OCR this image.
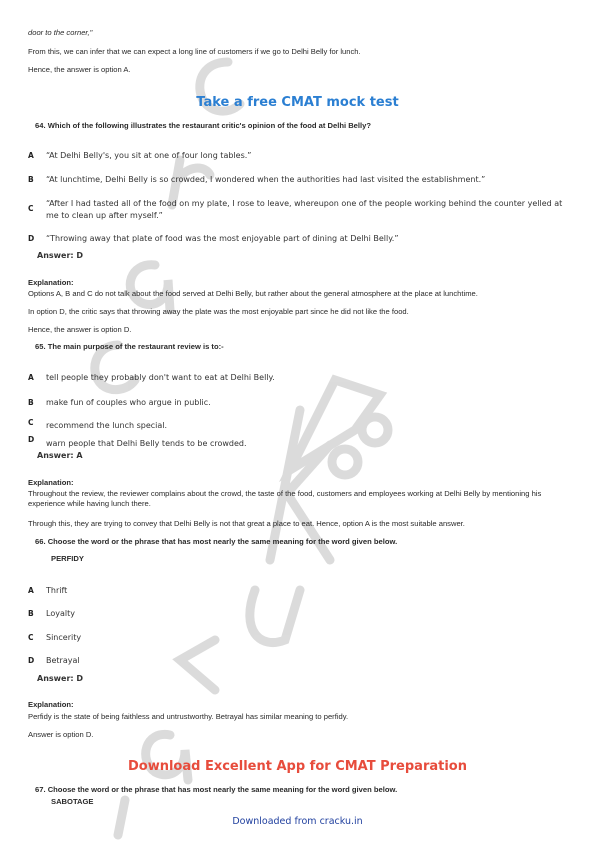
door to the corner,"
From this, we can infer that we can expect a long line of customers if we go to Delhi Belly for lunch.
Hence, the answer is option A.
Take a free CMAT mock test
64. Which of the following illustrates the restaurant critic's opinion of the food at Delhi Belly?
A “At Delhi Belly's, you sit at one of four long tables.”
B “At lunchtime, Delhi Belly is so crowded, I wondered when the authorities had last visited the establishment.”
C
“After I had tasted all of the food on my plate, I rose to leave, whereupon one of the people working behind the counter yelled at me to clean up after myself.”
D “Throwing away that plate of food was the most enjoyable part of dining at Delhi Belly.”
Answer: D
Explanation:
Options A, B and C do not talk about the food served at Delhi Belly, but rather about the general atmosphere at the place at lunchtime.
In option D, the critic says that throwing away the plate was the most enjoyable part since he did not like the food.
Hence, the answer is option D.
65. The main purpose of the restaurant review is to:-
A tell people they probably don't want to eat at Delhi Belly.
B make fun of couples who argue in public.
C recommend the lunch special.
D warn people that Delhi Belly tends to be crowded.
Answer: A
Explanation:
Throughout the review, the reviewer complains about the crowd, the taste of the food, customers and employees working at Delhi Belly by mentioning his experience while having lunch there.
Through this, they are trying to convey that Delhi Belly is not that great a place to eat. Hence, option A is the most suitable answer.
66. Choose the word or the phrase that has most nearly the same meaning for the word given below.
PERFIDY
A Thrift
B Loyalty
C Sincerity
D Betrayal
Answer: D
Explanation:
Perfidy is the state of being faithless and untrustworthy. Betrayal has similar meaning to perfidy.
Answer is option D.
Download Excellent App for CMAT Preparation
67. Choose the word or the phrase that has most nearly the same meaning for the word given below.
SABOTAGE
Downloaded from cracku.in
